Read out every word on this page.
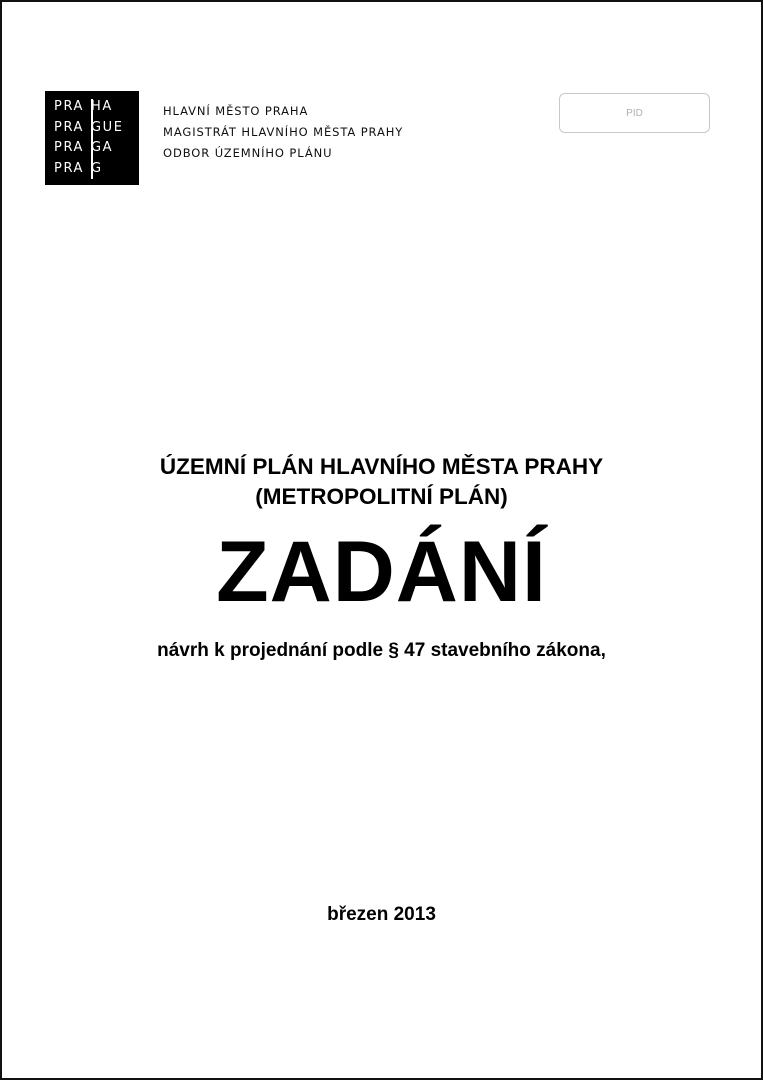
PRA HA
PRA GUE
PRA GA
PRA G
HLAVNÍ MĚSTO PRAHA
MAGISTRÁT HLAVNÍHO MĚSTA PRAHY
ODBOR ÚZEMNÍHO PLÁNU
PID
ÚZEMNÍ PLÁN HLAVNÍHO MĚSTA PRAHY
(METROPOLITNÍ PLÁN)
ZADÁNÍ
návrh k projednání podle § 47 stavebního zákona,
březen 2013
